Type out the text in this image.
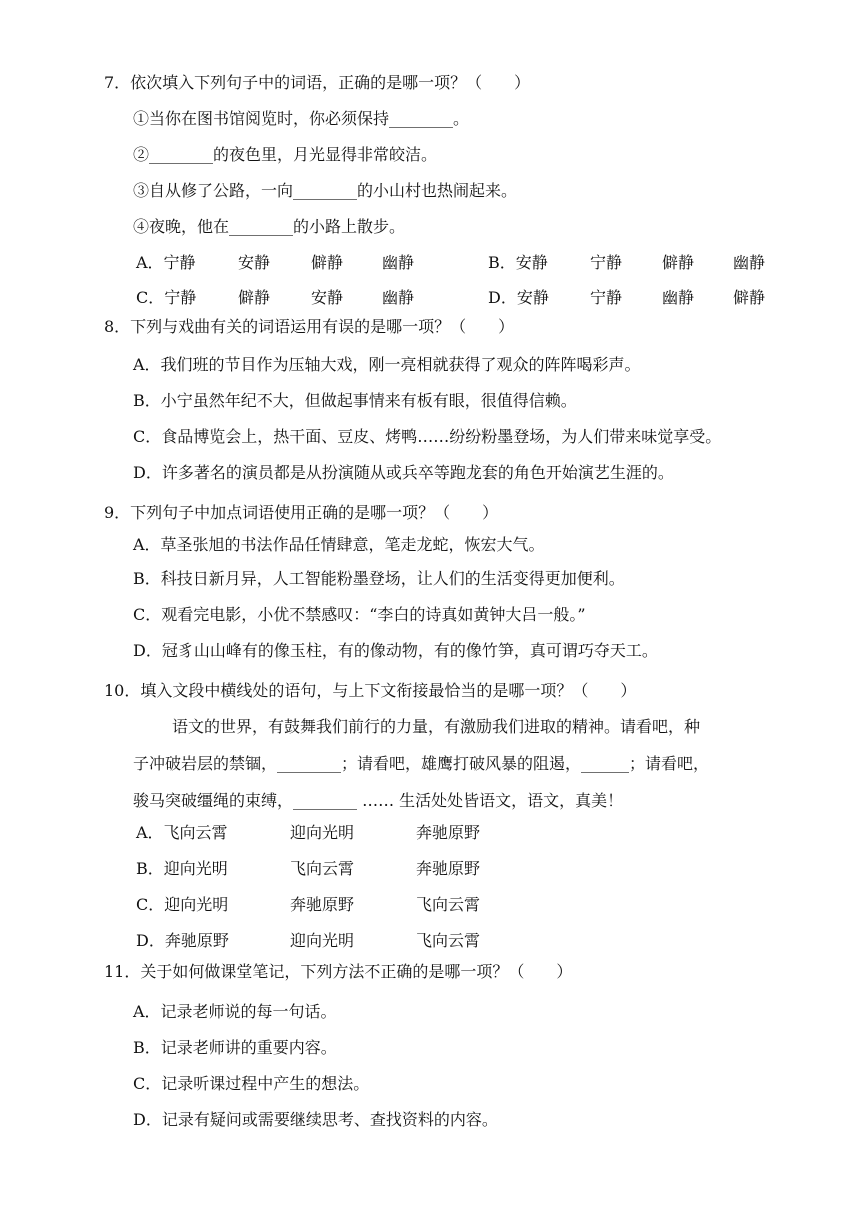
7．依次填入下列句子中的词语，正确的是哪一项？（　　）
①当你在图书馆阅览时，你必须保持________。
②________的夜色里，月光显得非常皎洁。
③自从修了公路，一向________的小山村也热闹起来。
④夜晚，他在________的小路上散步。
A．宁静	安静	僻静 幽静	B．安静	宁静 僻静 幽静
C．宁静	僻静	安静 幽静	D．安静	宁静 幽静 僻静
8．下列与戏曲有关的词语运用有误的是哪一项？（　　）
A．我们班的节目作为压轴大戏，刚一亮相就获得了观众的阵阵喝彩声。
B．小宁虽然年纪不大，但做起事情来有板有眼，很值得信赖。
C．食品博览会上，热干面、豆皮、烤鸭……纷纷粉墨登场，为人们带来味觉享受。
D．许多著名的演员都是从扮演随从或兵卒等跑龙套的角色开始演艺生涯的。
9．下列句子中加点词语使用正确的是哪一项？（　　）
A．草圣张旭的书法作品任情肆意，笔走龙蛇，恢宏大气。
B．科技日新月异，人工智能粉墨登场，让人们的生活变得更加便利。
C．观看完电影，小优不禁感叹：“李白的诗真如黄钟大吕一般。”
D．冠豸山山峰有的像玉柱，有的像动物，有的像竹笋，真可谓巧夺天工。
10．填入文段中横线处的语句，与上下文衔接最恰当的是哪一项？（　　）
语文的世界，有鼓舞我们前行的力量，有激励我们进取的精神。请看吧，种
子冲破岩层的禁锢，________；请看吧，雄鹰打破风暴的阻遏，______；请看吧，
骏马突破缰绳的束缚，________ …… 生活处处皆语文，语文，真美！
A．飞向云霄	迎向光明	奔驰原野
B．迎向光明	飞向云霄	奔驰原野
C．迎向光明	奔驰原野	飞向云霄
D．奔驰原野	迎向光明	飞向云霄
11．关于如何做课堂笔记，下列方法不正确的是哪一项？（　　）
A．记录老师说的每一句话。
B．记录老师讲的重要内容。
C．记录听课过程中产生的想法。
D．记录有疑问或需要继续思考、查找资料的内容。
